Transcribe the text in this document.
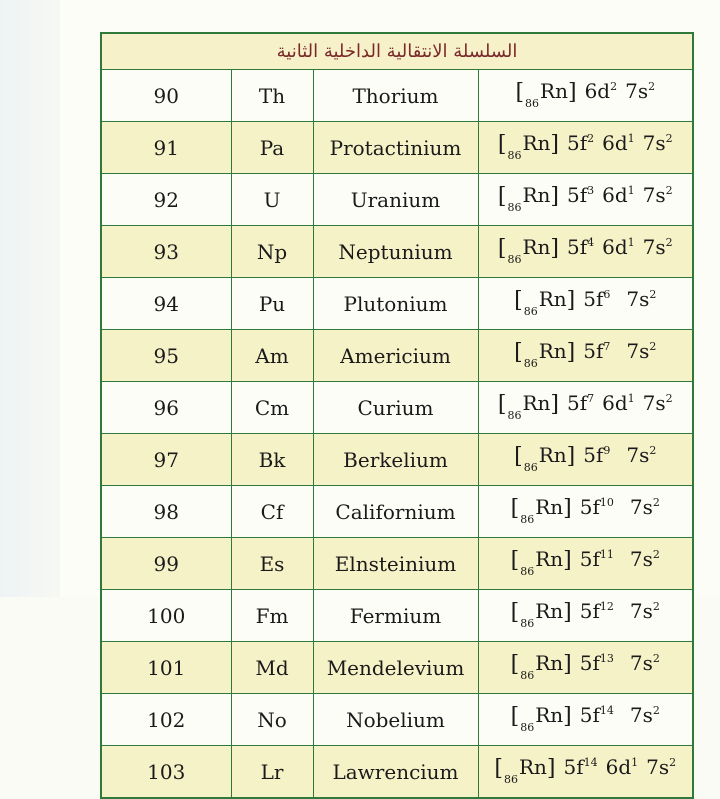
السلسلة الانتقالية الداخلية الثانية			
90	Th	Thorium	$[_{86}Rn]$ $6d^2$ $7s^2$
91	Pa	Protactinium	$[_{86}Rn]$ $5f^2$ $6d^1$ $7s^2$
92	U	Uranium	$[_{86}Rn]$ $5f^3$ $6d^1$ $7s^2$
93	Np	Neptunium	$[_{86}Rn]$ $5f^4$ $6d^1$ $7s^2$
94	Pu	Plutonium	$[_{86}Rn]$ $5f^6$ $7s^2$
95	Am	Americium	$[_{86}Rn]$ $5f^7$ $7s^2$
96	Cm	Curium	$[_{86}Rn]$ $5f^7$ $6d^1$ $7s^2$
97	Bk	Berkelium	$[_{86}Rn]$ $5f^9$ $7s^2$
98	Cf	Californium	$[_{86}Rn]$ $5f^{10}$ $7s^2$
99	Es	Elnsteinium	$[_{86}Rn]$ $5f^{11}$ $7s^2$
100	Fm	Fermium	$[_{86}Rn]$ $5f^{12}$ $7s^2$
101	Md	Mendelevium	$[_{86}Rn]$ $5f^{13}$ $7s^2$
102	No	Nobelium	$[_{86}Rn]$ $5f^{14}$ $7s^2$
103	Lr	Lawrencium	$[_{86}Rn]$ $5f^{14}$ $6d^1$ $7s^2$
